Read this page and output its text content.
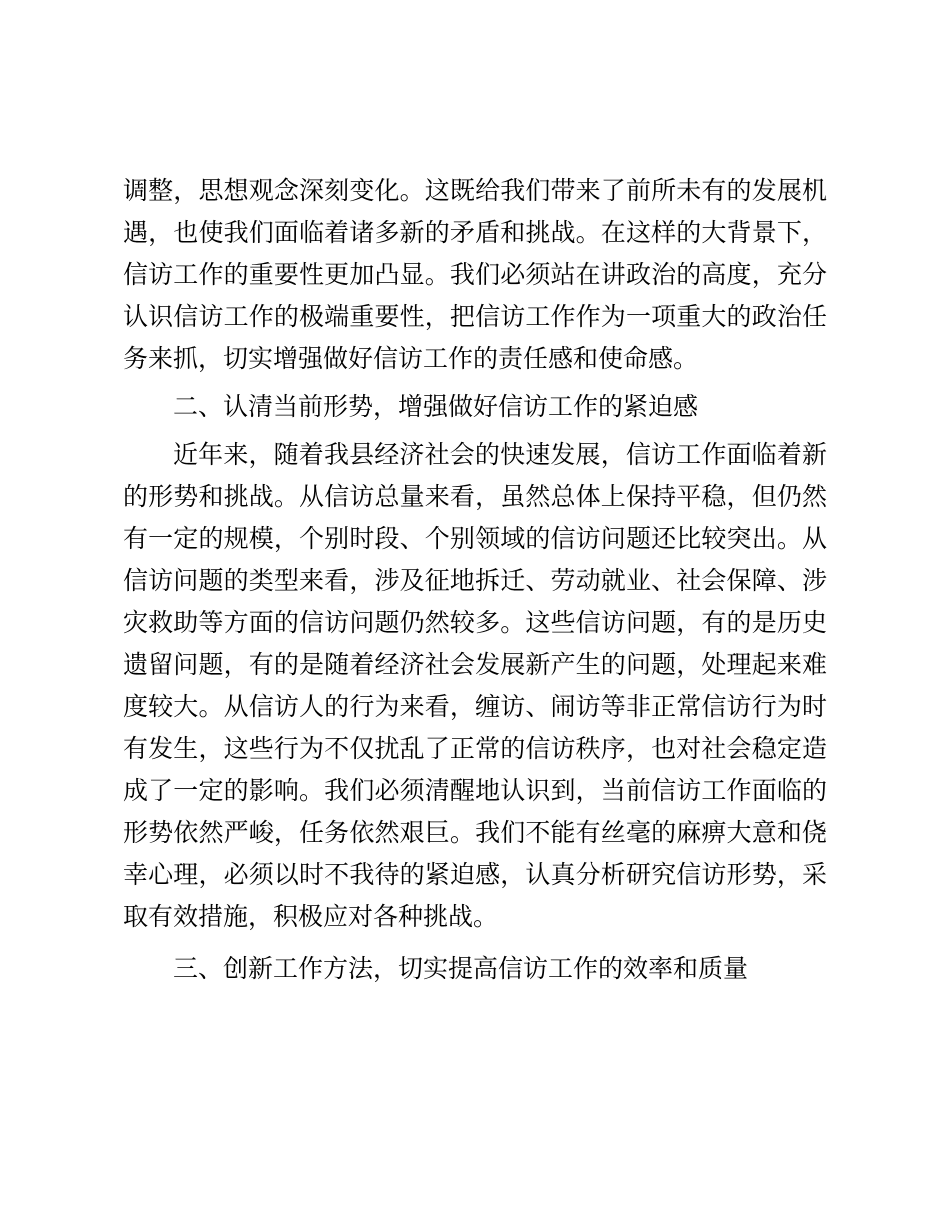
调整，思想观念深刻变化。这既给我们带来了前所未有的发展机
遇，也使我们面临着诸多新的矛盾和挑战。在这样的大背景下，
信访工作的重要性更加凸显。我们必须站在讲政治的高度，充分
认识信访工作的极端重要性，把信访工作作为一项重大的政治任
务来抓，切实增强做好信访工作的责任感和使命感。
二、认清当前形势，增强做好信访工作的紧迫感
近年来，随着我县经济社会的快速发展，信访工作面临着新
的形势和挑战。从信访总量来看，虽然总体上保持平稳，但仍然
有一定的规模，个别时段、个别领域的信访问题还比较突出。从
信访问题的类型来看，涉及征地拆迁、劳动就业、社会保障、涉
灾救助等方面的信访问题仍然较多。这些信访问题，有的是历史
遗留问题，有的是随着经济社会发展新产生的问题，处理起来难
度较大。从信访人的行为来看，缠访、闹访等非正常信访行为时
有发生，这些行为不仅扰乱了正常的信访秩序，也对社会稳定造
成了一定的影响。我们必须清醒地认识到，当前信访工作面临的
形势依然严峻，任务依然艰巨。我们不能有丝毫的麻痹大意和侥
幸心理，必须以时不我待的紧迫感，认真分析研究信访形势，采
取有效措施，积极应对各种挑战。
三、创新工作方法，切实提高信访工作的效率和质量
